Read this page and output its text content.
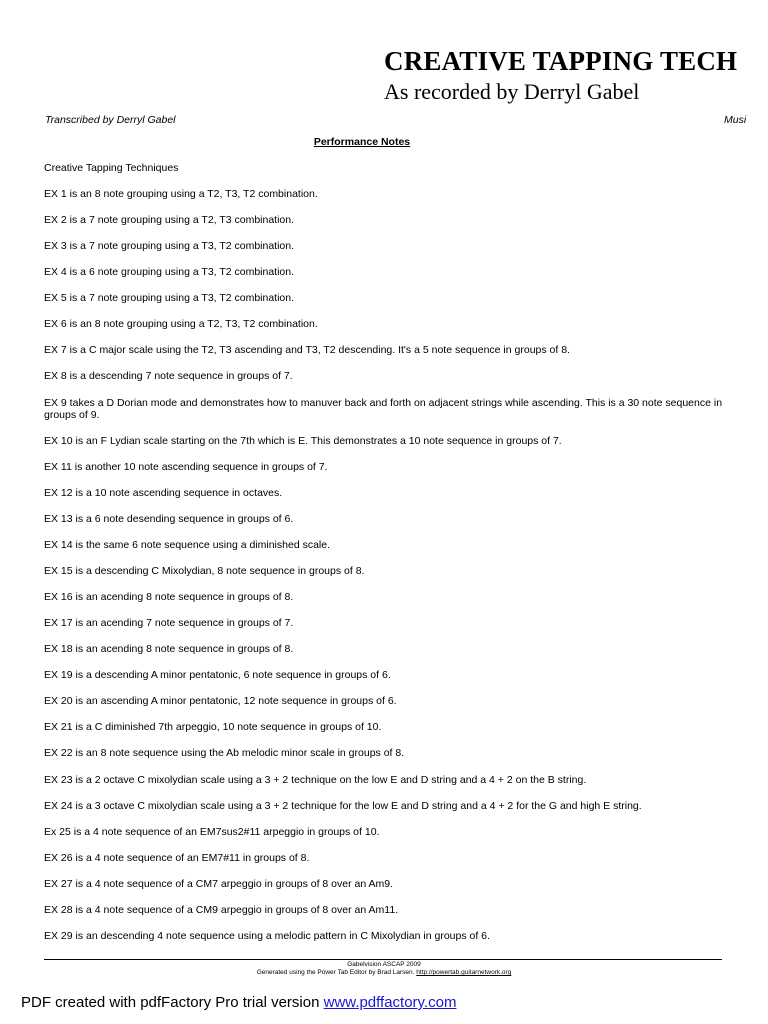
CREATIVE TAPPING TECH
As recorded by Derryl Gabel
Transcribed by Derryl Gabel	Musi
Performance Notes
Creative Tapping Techniques
EX 1 is an 8 note grouping using a T2, T3, T2 combination.
EX 2 is a 7 note grouping using a T2, T3 combination.
EX 3 is a 7 note grouping using a T3, T2 combination.
EX 4 is a 6 note grouping using a T3, T2 combination.
EX 5 is a 7 note grouping using a T3, T2 combination.
EX 6 is an 8 note grouping using a T2, T3, T2 combination.
EX 7 is a C major scale using the T2, T3 ascending and T3, T2 descending. It's a 5 note sequence in groups of 8.
EX 8 is a descending 7 note sequence in groups of 7.
EX 9 takes a D Dorian mode and demonstrates how to manuver back and forth on adjacent strings while ascending. This is a 30 note sequence in groups of 9.
EX 10 is an F Lydian scale starting on the 7th which is E. This demonstrates a 10 note sequence in groups of 7.
EX 11 is another 10 note ascending sequence in groups of 7.
EX 12 is a 10 note ascending sequence in octaves.
EX 13 is a 6 note desending sequence in groups of 6.
EX 14 is the same 6 note sequence using a diminished scale.
EX 15 is a descending C Mixolydian, 8 note sequence in groups of 8.
EX 16 is an acending 8 note sequence in groups of 8.
EX 17 is an acending 7 note sequence in groups of 7.
EX 18 is an acending 8 note sequence in groups of 8.
EX 19 is a descending A minor pentatonic, 6 note sequence in groups of 6.
EX 20 is an ascending A minor pentatonic, 12 note sequence in groups of 6.
EX 21 is a C diminished 7th arpeggio, 10 note sequence in groups of 10.
EX 22 is an 8 note sequence using the Ab melodic minor scale in groups of 8.
EX 23 is a 2 octave C mixolydian scale using a 3 + 2 technique on the low E and D string and a 4 + 2 on the B string.
EX 24 is a 3 octave C mixolydian scale using a 3 + 2 technique for the low E and D string and a 4 + 2 for the G and high E string.
Ex 25 is a 4 note sequence of an EM7sus2#11 arpeggio in groups of 10.
EX 26 is a 4 note sequence of an EM7#11 in groups of 8.
EX 27 is a 4 note sequence of a CM7 arpeggio in groups of 8 over an Am9.
EX 28 is a 4 note sequence of a CM9 arpeggio in groups of 8 over an Am11.
EX 29 is an descending 4 note sequence using a melodic pattern in C Mixolydian in groups of 6.
Gabelvision ASCAP 2009
Generated using the Power Tab Editor by Brad Larsen. http://powertab.guitarnetwork.org
PDF created with pdfFactory Pro trial version www.pdffactory.com
